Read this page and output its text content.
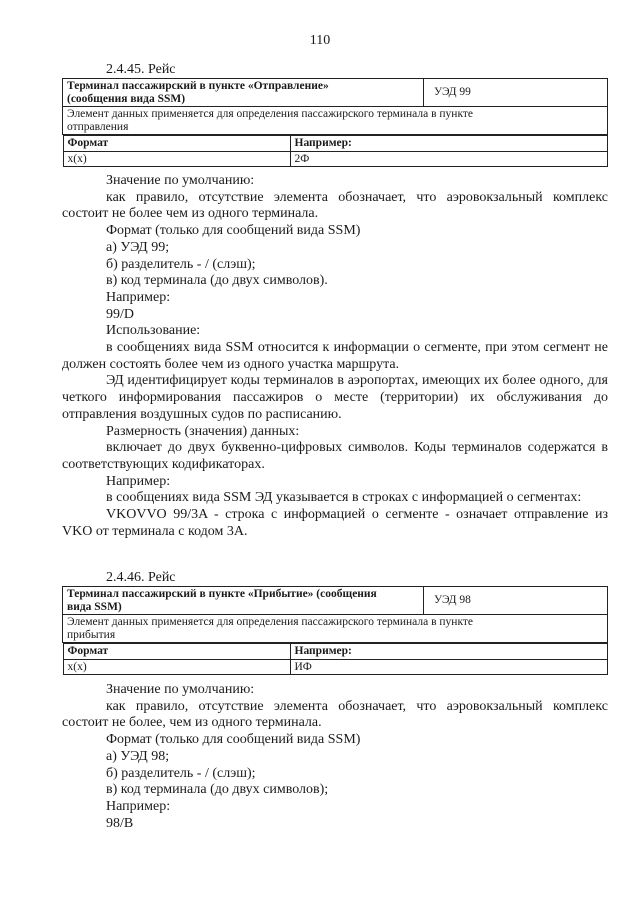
110
2.4.45. Рейс
Терминал пассажирский в пункте «Отправление»
(сообщения вида SSM)
	УЭД 99

Элемент данных применяется для определения пассажирского терминала в пункте
отправления

Формат	Например:
x(x)	2Ф

Значение по умолчанию:

как правило, отсутствие элемента обозначает, что аэровокзальный комплекс состоит не более чем из одного терминала.

Формат (только для сообщений вида SSM)

а) УЭД 99;

б) разделитель - / (слэш);

в) код терминала (до двух символов).

Например:

99/D

Использование:

в сообщениях вида SSM относится к информации о сегменте, при этом сегмент не должен состоять более чем из одного участка маршрута.

ЭД идентифицирует коды терминалов в аэропортах, имеющих их более одного, для четкого информирования пассажиров о месте (территории) их обслуживания до отправления воздушных судов по расписанию.

Размерность (значения) данных:

включает до двух буквенно-цифровых символов. Коды терминалов содержатся в соответствующих кодификаторах.

Например:

в сообщениях вида SSM ЭД указывается в строках с информацией о сегментах:

VKOVVO 99/3A - строка с информацией о сегменте - означает отправление из VKO от терминала с кодом 3А.

2.4.46. Рейс
Терминал пассажирский в пункте «Прибытие» (сообщения
вида SSM)
	УЭД 98

Элемент данных применяется для определения пассажирского терминала в пункте
прибытия

Формат	Например:
x(x)	ИФ

Значение по умолчанию:

как правило, отсутствие элемента обозначает, что аэровокзальный комплекс состоит не более, чем из одного терминала.

Формат (только для сообщений вида SSM)

а) УЭД 98;

б) разделитель - / (слэш);

в) код терминала (до двух символов);

Например:

98/B
